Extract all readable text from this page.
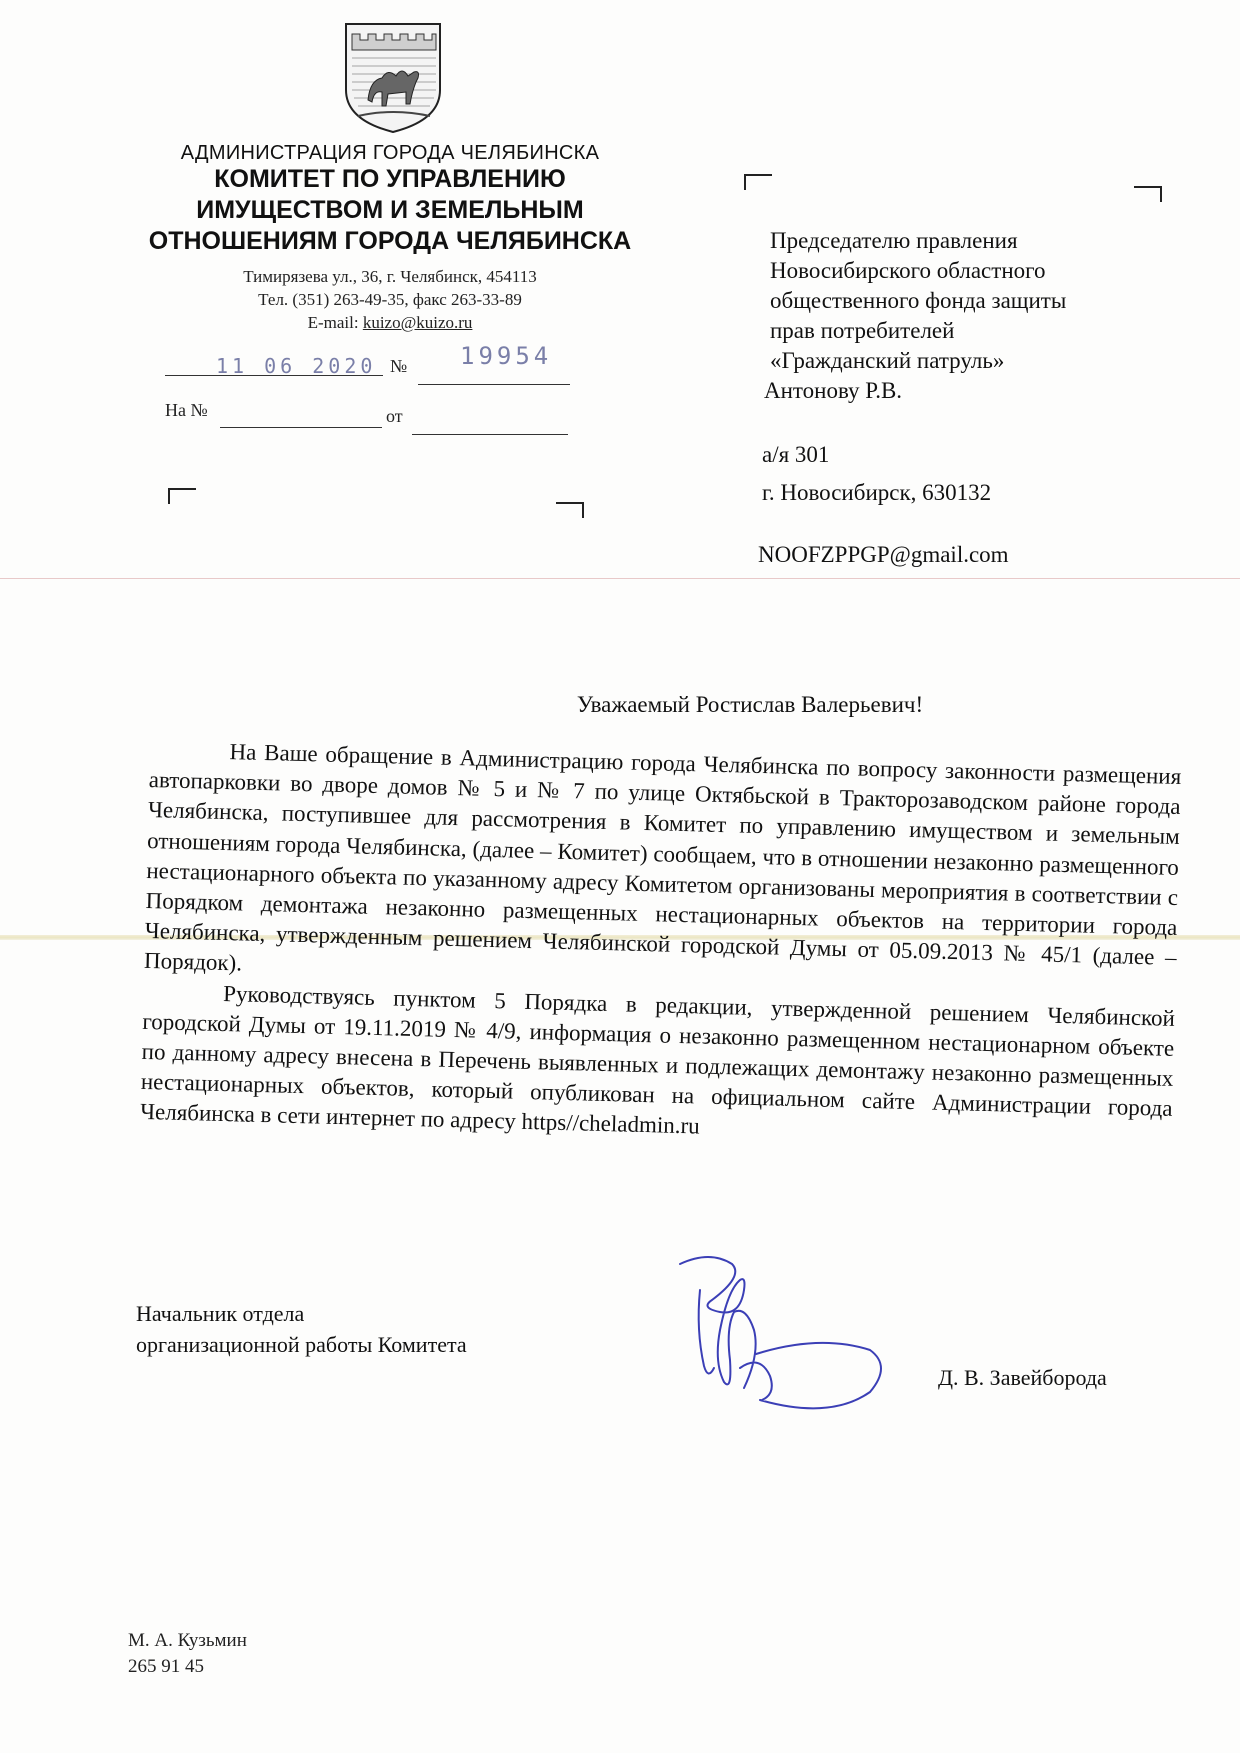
АДМИНИСТРАЦИЯ ГОРОДА ЧЕЛЯБИНСКА
КОМИТЕТ ПО УПРАВЛЕНИЮ
ИМУЩЕСТВОМ И ЗЕМЕЛЬНЫМ
ОТНОШЕНИЯМ ГОРОДА ЧЕЛЯБИНСКА
Тимирязева ул., 36, г. Челябинск, 454113
Тел. (351) 263-49-35, факс 263-33-89
E-mail: kuizo@kuizo.ru
11 06 2020 № 19954
На №	от
Председателю правления
Новосибирского областного
общественного фонда защиты
прав потребителей
«Гражданский патруль»
Антонову Р.В.
а/я 301
г. Новосибирск, 630132
NOOFZPPGP@gmail.com
Уважаемый Ростислав Валерьевич!

На Ваше обращение в Администрацию города Челябинска по вопросу законности размещения автопарковки во дворе домов № 5 и № 7 по улице Октябьской в Тракторозаводском районе города Челябинска, поступившее для рассмотрения в Комитет по управлению имуществом и земельным отношениям города Челябинска, (далее – Комитет) сообщаем, что в отношении незаконно размещенного нестационарного объекта по указанному адресу Комитетом организованы мероприятия в соответствии с Порядком демонтажа незаконно размещенных нестационарных объектов на территории города Челябинска, утвержденным решением Челябинской городской Думы от 05.09.2013 № 45/1 (далее – Порядок).

Руководствуясь пунктом 5 Порядка в редакции, утвержденной решением Челябинской городской Думы от 19.11.2019 № 4/9, информация о незаконно размещенном нестационарном объекте по данному адресу внесена в Перечень выявленных и подлежащих демонтажу незаконно размещенных нестационарных объектов, который опубликован на официальном сайте Администрации города Челябинска в сети интернет по адресу https//cheladmin.ru

Начальник отдела
организационной работы Комитета
Д. В. Завейборода
М. А. Кузьмин
265 91 45
